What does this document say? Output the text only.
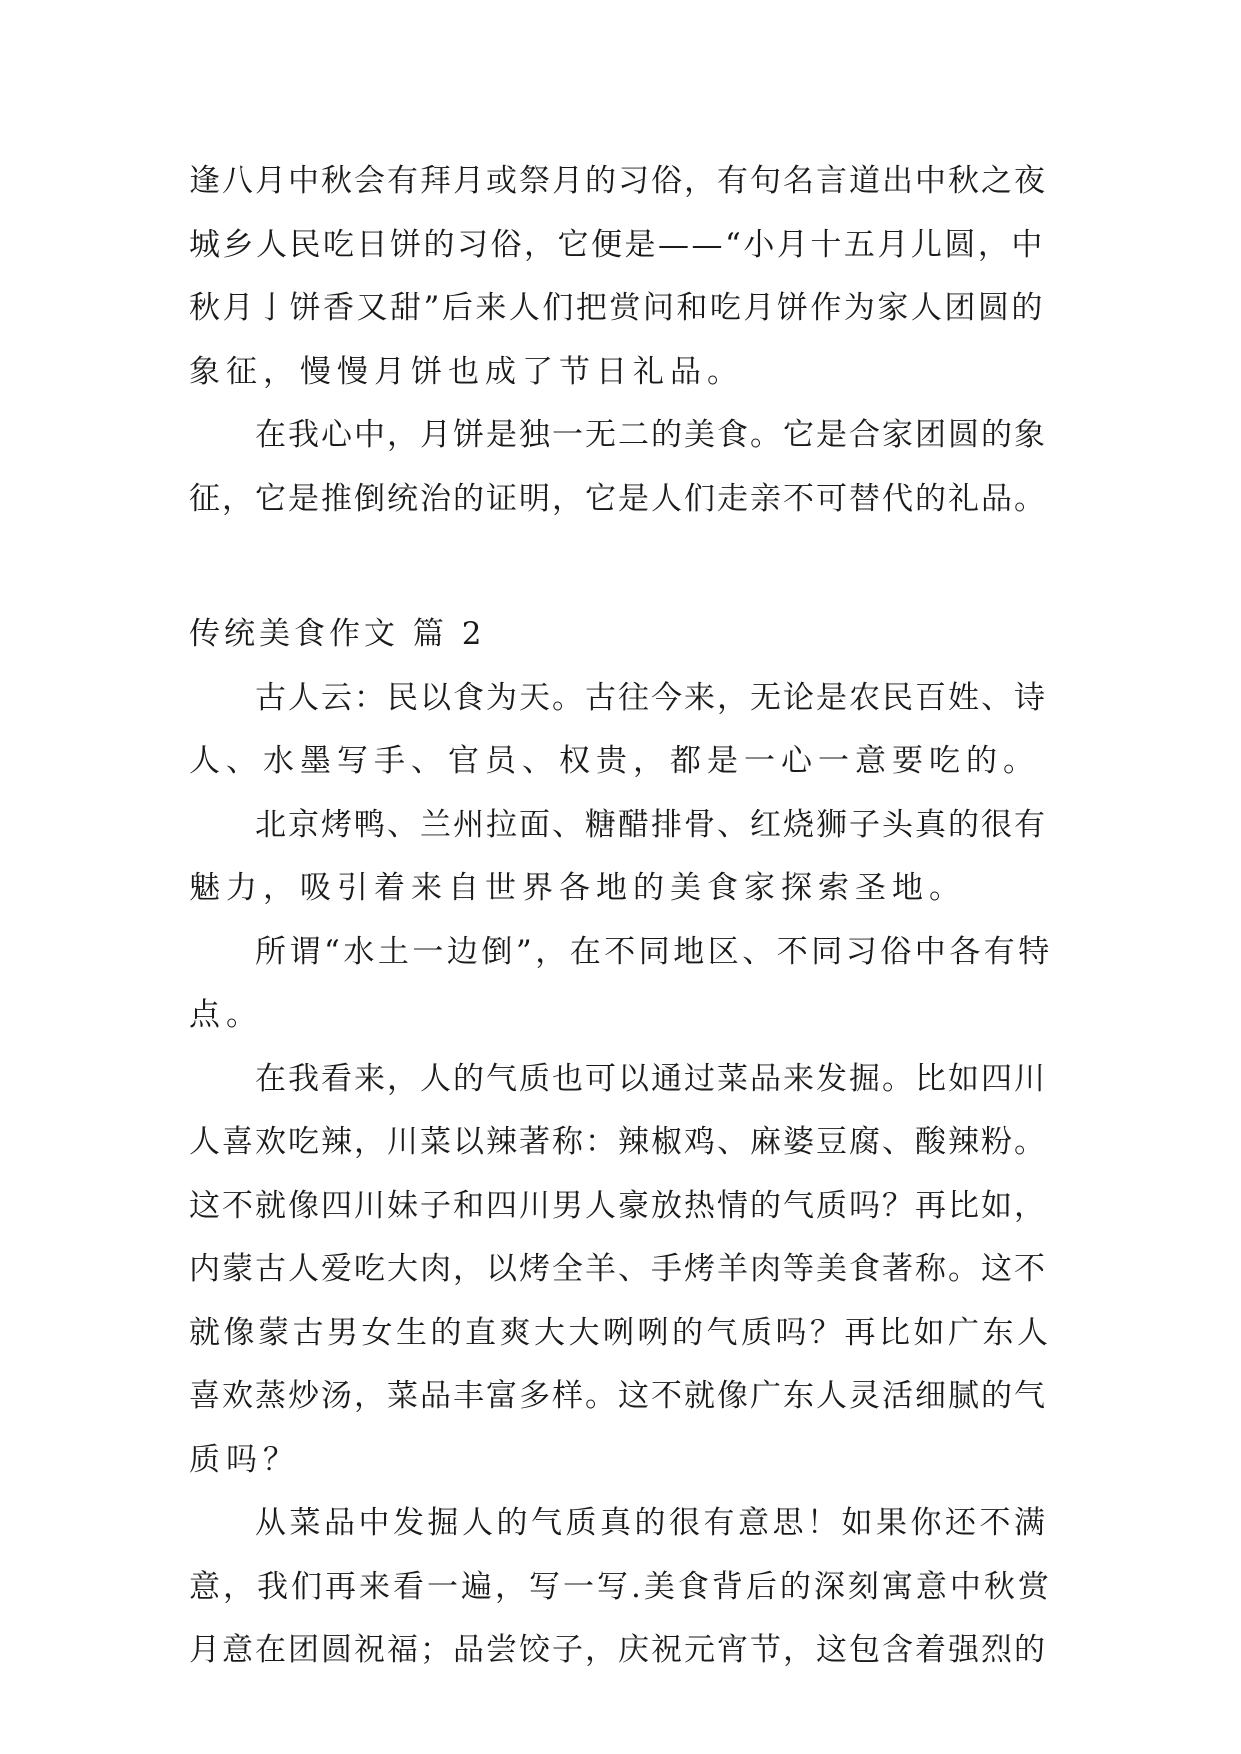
逢八月中秋会有拜月或祭月的习俗，有句名言道出中秋之夜
城乡人民吃日饼的习俗，它便是——“小月十五月儿圆，中
秋月亅饼香又甜”后来人们把赏问和吃月饼作为家人团圆的
象征，慢慢月饼也成了节日礼品。
在我心中，月饼是独一无二的美食。它是合家团圆的象
征，它是推倒统治的证明，它是人们走亲不可替代的礼品。
传统美食作文 篇 2
古人云：民以食为天。古往今来，无论是农民百姓、诗
人、水墨写手、官员、权贵，都是一心一意要吃的。
北京烤鸭、兰州拉面、糖醋排骨、红烧狮子头真的很有
魅力，吸引着来自世界各地的美食家探索圣地。
所谓“水土一边倒”，在不同地区、不同习俗中各有特
点。
在我看来，人的气质也可以通过菜品来发掘。比如四川
人喜欢吃辣，川菜以辣著称：辣椒鸡、麻婆豆腐、酸辣粉。
这不就像四川妹子和四川男人豪放热情的气质吗？再比如，
内蒙古人爱吃大肉，以烤全羊、手烤羊肉等美食著称。这不
就像蒙古男女生的直爽大大咧咧的气质吗？再比如广东人
喜欢蒸炒汤，菜品丰富多样。这不就像广东人灵活细腻的气
质吗？
从菜品中发掘人的气质真的很有意思！如果你还不满
意，我们再来看一遍，写一写.美食背后的深刻寓意中秋赏
月意在团圆祝福；品尝饺子，庆祝元宵节，这包含着强烈的
